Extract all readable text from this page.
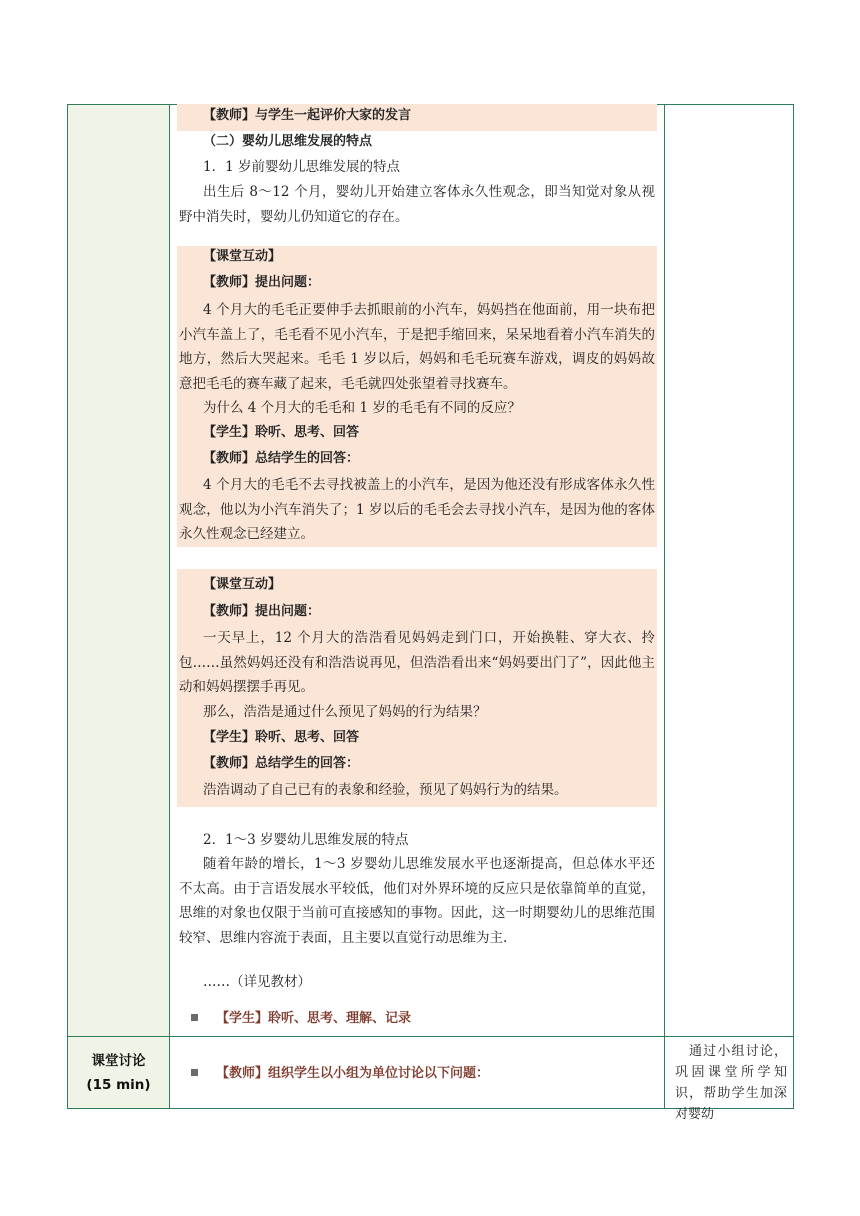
【教师】与学生一起评价大家的发言
（二）婴幼儿思维发展的特点
1．1 岁前婴幼儿思维发展的特点
出生后 8～12 个月，婴幼儿开始建立客体永久性观念，即当知觉对象从视野中消失时，婴幼儿仍知道它的存在。
【课堂互动】
【教师】提出问题：
4 个月大的毛毛正要伸手去抓眼前的小汽车，妈妈挡在他面前，用一块布把小汽车盖上了，毛毛看不见小汽车，于是把手缩回来，呆呆地看着小汽车消失的地方，然后大哭起来。毛毛 1 岁以后，妈妈和毛毛玩赛车游戏，调皮的妈妈故意把毛毛的赛车藏了起来，毛毛就四处张望着寻找赛车。
为什么 4 个月大的毛毛和 1 岁的毛毛有不同的反应？
【学生】聆听、思考、回答
【教师】总结学生的回答：
4 个月大的毛毛不去寻找被盖上的小汽车，是因为他还没有形成客体永久性观念，他以为小汽车消失了；1 岁以后的毛毛会去寻找小汽车，是因为他的客体永久性观念已经建立。
【课堂互动】
【教师】提出问题：
一天早上，12 个月大的浩浩看见妈妈走到门口，开始换鞋、穿大衣、拎包……虽然妈妈还没有和浩浩说再见，但浩浩看出来“妈妈要出门了”，因此他主动和妈妈摆摆手再见。
那么，浩浩是通过什么预见了妈妈的行为结果？
【学生】聆听、思考、回答
【教师】总结学生的回答：
浩浩调动了自己已有的表象和经验，预见了妈妈行为的结果。
2．1～3 岁婴幼儿思维发展的特点
随着年龄的增长，1～3 岁婴幼儿思维发展水平也逐渐提高，但总体水平还不太高。由于言语发展水平较低，他们对外界环境的反应只是依靠简单的直觉，思维的对象也仅限于当前可直接感知的事物。因此，这一时期婴幼儿的思维范围较窄、思维内容流于表面，且主要以直觉行动思维为主.
……（详见教材）
【学生】聆听、思考、理解、记录
课堂讨论
(15 min)
【教师】组织学生以小组为单位讨论以下问题：
通过小组讨论，巩固课堂所学知识，帮助学生加深对婴幼
